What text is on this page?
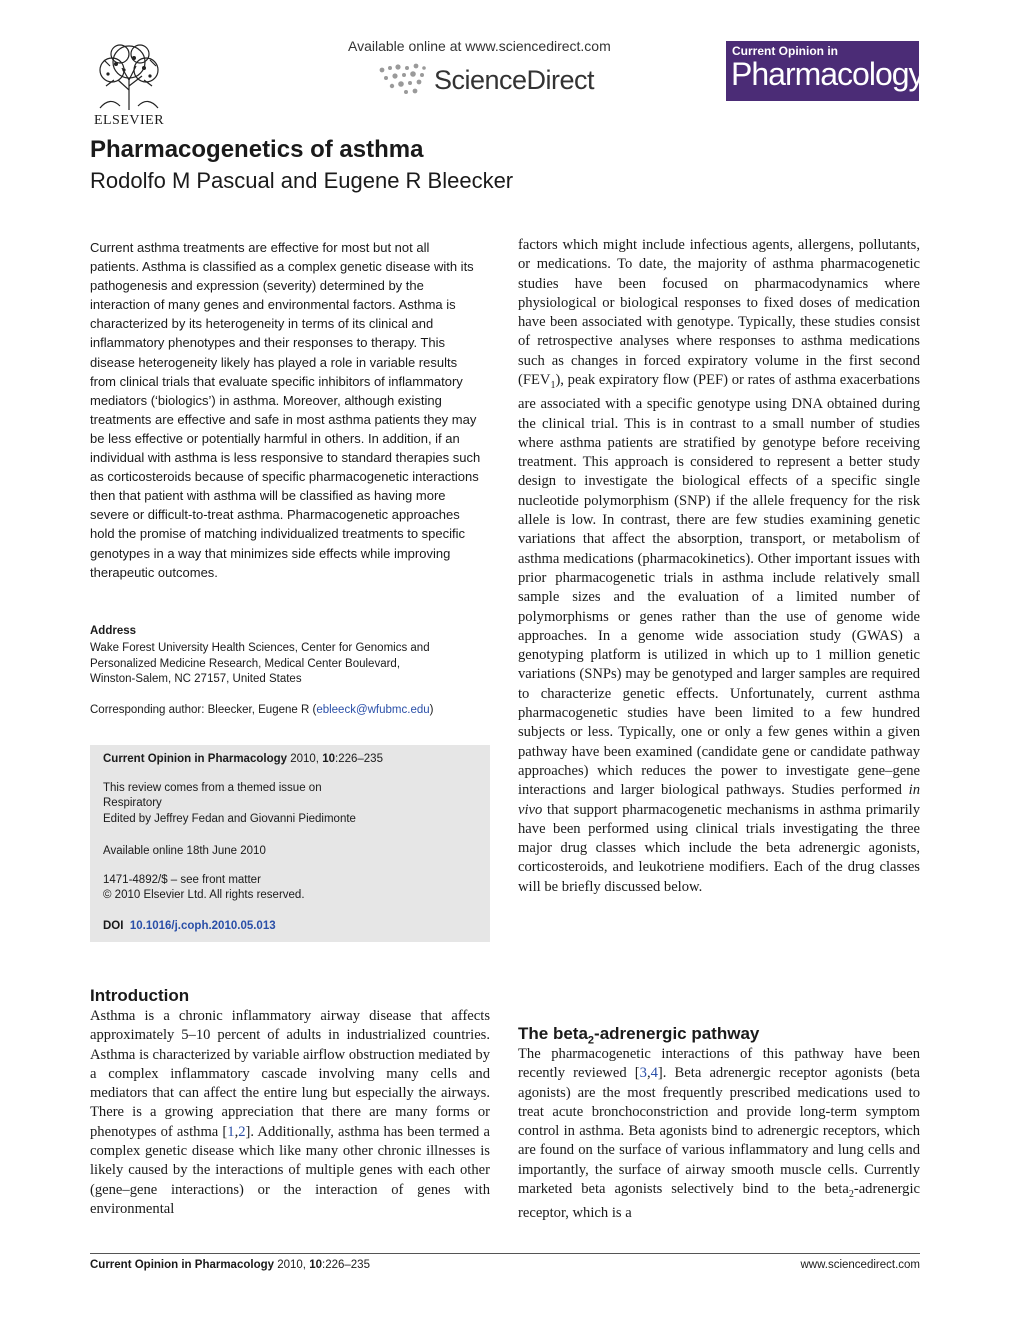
ELSEVIER
Available online at www.sciencedirect.com
ScienceDirect
Current Opinion in
Pharmacology
Pharmacogenetics of asthma
Rodolfo M Pascual and Eugene R Bleecker
Current asthma treatments are effective for most but not all patients. Asthma is classified as a complex genetic disease with its pathogenesis and expression (severity) determined by the interaction of many genes and environmental factors. Asthma is characterized by its heterogeneity in terms of its clinical and inflammatory phenotypes and their responses to therapy. This disease heterogeneity likely has played a role in variable results from clinical trials that evaluate specific inhibitors of inflammatory mediators (‘biologics’) in asthma. Moreover, although existing treatments are effective and safe in most asthma patients they may be less effective or potentially harmful in others. In addition, if an individual with asthma is less responsive to standard therapies such as corticosteroids because of specific pharmacogenetic interactions then that patient with asthma will be classified as having more severe or difficult-to-treat asthma. Pharmacogenetic approaches hold the promise of matching individualized treatments to specific genotypes in a way that minimizes side effects while improving therapeutic outcomes.
Address
Wake Forest University Health Sciences, Center for Genomics and
Personalized Medicine Research, Medical Center Boulevard,
Winston-Salem, NC 27157, United States
Corresponding author: Bleecker, Eugene R (ebleeck@wfubmc.edu)
Current Opinion in Pharmacology 2010, 10:226–235
This review comes from a themed issue on
Respiratory
Edited by Jeffrey Fedan and Giovanni Piedimonte
Available online 18th June 2010
1471-4892/$ – see front matter
© 2010 Elsevier Ltd. All rights reserved.
DOI 10.1016/j.coph.2010.05.013
Introduction
Asthma is a chronic inflammatory airway disease that affects approximately 5–10 percent of adults in industrialized countries. Asthma is characterized by variable airflow obstruction mediated by a complex inflammatory cascade involving many cells and mediators that can affect the entire lung but especially the airways. There is a growing appreciation that there are many forms or phenotypes of asthma [1,2]. Additionally, asthma has been termed a complex genetic disease which like many other chronic illnesses is likely caused by the interactions of multiple genes with each other (gene–gene interactions) or the interaction of genes with environmental
factors which might include infectious agents, allergens, pollutants, or medications. To date, the majority of asthma pharmacogenetic studies have been focused on pharmacodynamics where physiological or biological responses to fixed doses of medication have been associated with genotype. Typically, these studies consist of retrospective analyses where responses to asthma medications such as changes in forced expiratory volume in the first second $(FEV_1)$, peak expiratory flow (PEF) or rates of asthma exacerbations are associated with a specific genotype using DNA obtained during the clinical trial. This is in contrast to a small number of studies where asthma patients are stratified by genotype before receiving treatment. This approach is considered to represent a better study design to investigate the biological effects of a specific single nucleotide polymorphism (SNP) if the allele frequency for the risk allele is low. In contrast, there are few studies examining genetic variations that affect the absorption, transport, or metabolism of asthma medications (pharmacokinetics). Other important issues with prior pharmacogenetic trials in asthma include relatively small sample sizes and the evaluation of a limited number of polymorphisms or genes rather than the use of genome wide approaches. In a genome wide association study (GWAS) a genotyping platform is utilized in which up to 1 million genetic variations (SNPs) may be genotyped and larger samples are required to characterize genetic effects. Unfortunately, current asthma pharmacogenetic studies have been limited to a few hundred subjects or less. Typically, one or only a few genes within a given pathway have been examined (candidate gene or candidate pathway approaches) which reduces the power to investigate gene–gene interactions and larger biological pathways. Studies performed in vivo that support pharmacogenetic mechanisms in asthma primarily have been performed using clinical trials investigating the three major drug classes which include the beta adrenergic agonists, corticosteroids, and leukotriene modifiers. Each of the drug classes will be briefly discussed below.
The beta$_2$-adrenergic pathway
The pharmacogenetic interactions of this pathway have been recently reviewed [3,4]. Beta adrenergic receptor agonists (beta agonists) are the most frequently prescribed medications used to treat acute bronchoconstriction and provide long-term symptom control in asthma. Beta agonists bind to adrenergic receptors, which are found on the surface of various inflammatory and lung cells and importantly, the surface of airway smooth muscle cells. Currently marketed beta agonists selectively bind to the beta$_2$-adrenergic receptor, which is a
Current Opinion in Pharmacology 2010, 10:226–235	www.sciencedirect.com
